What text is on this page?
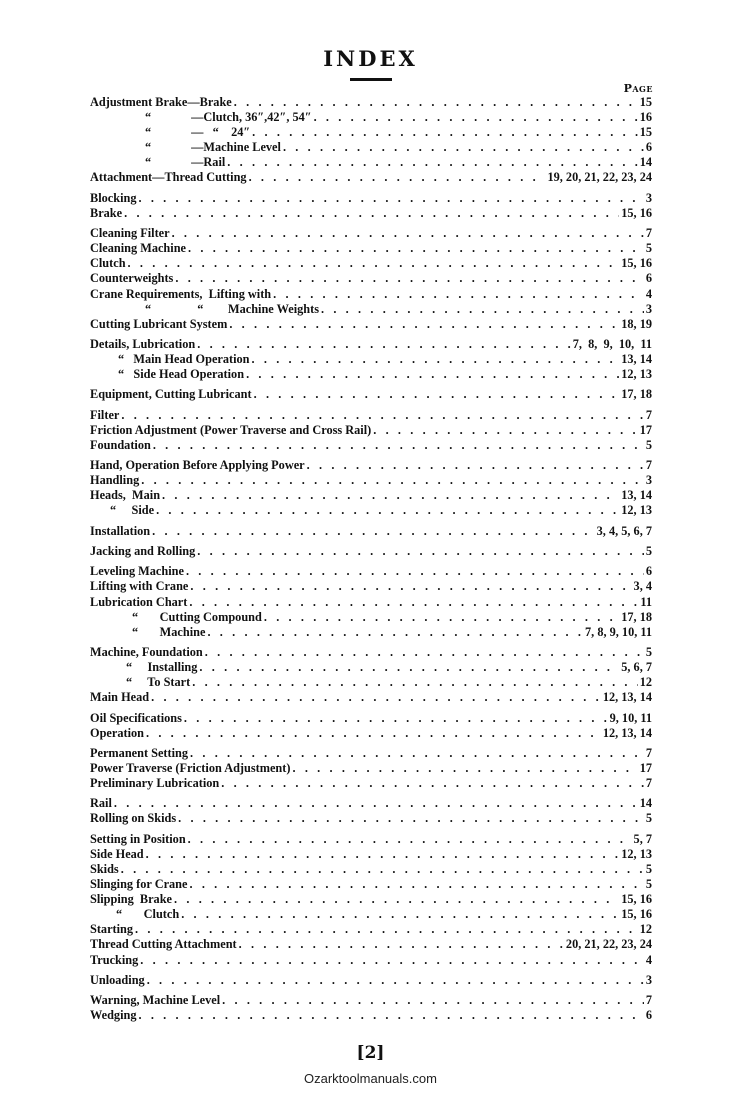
INDEX
Page
Adjustment Brake—Brake . . .	15
“             —Clutch, 36″,42″, 54″ . . .	16
“             —   “    24″ . . .	15
“             —Machine Level . . .	6
“             —Rail . . .	14
Attachment—Thread Cutting . . .	19, 20, 21, 22, 23, 24
Blocking . . .	3
Brake . . .	15, 16
Cleaning Filter . . .	7
Cleaning Machine . . .	5
Clutch . . .	15, 16
Counterweights . . .	6
Crane Requirements,  Lifting with . . .	4
“               “        Machine Weights . . .	3
Cutting Lubricant System . . .	18, 19
Details, Lubrication . . .	7,  8,  9,  10,  11
“   Main Head Operation . . .	13, 14
“   Side Head Operation . . .	12, 13
Equipment, Cutting Lubricant . . .	17, 18
Filter . . .	7
Friction Adjustment (Power Traverse and Cross Rail) . . .	17
Foundation . . .	5
Hand, Operation Before Applying Power . . .	7
Handling . . .	3
Heads,  Main . . .	13, 14
“     Side . . .	12, 13
Installation . . .	3, 4, 5, 6, 7
Jacking and Rolling . . .	5
Leveling Machine . . .	6
Lifting with Crane . . .	3, 4
Lubrication Chart . . .	11
“       Cutting Compound . . .	17, 18
“       Machine . . .	7, 8, 9, 10, 11
Machine, Foundation . . .	5
“     Installing . . .	5, 6, 7
“     To Start . . .	12
Main Head . . .	12, 13, 14
Oil Specifications . . .	9, 10, 11
Operation . . .	12, 13, 14
Permanent Setting . . .	7
Power Traverse (Friction Adjustment) . . .	17
Preliminary Lubrication . . .	7
Rail . . .	14
Rolling on Skids . . .	5
Setting in Position . . .	5, 7
Side Head . . .	12, 13
Skids . . .	5
Slinging for Crane . . .	5
Slipping  Brake . . .	15, 16
“       Clutch . . .	15, 16
Starting . . .	12
Thread Cutting Attachment . . .	20, 21, 22, 23, 24
Trucking . . .	4
Unloading . . .	3
Warning, Machine Level . . .	7
Wedging . . .	6
[2]
Ozarktoolmanuals.com
